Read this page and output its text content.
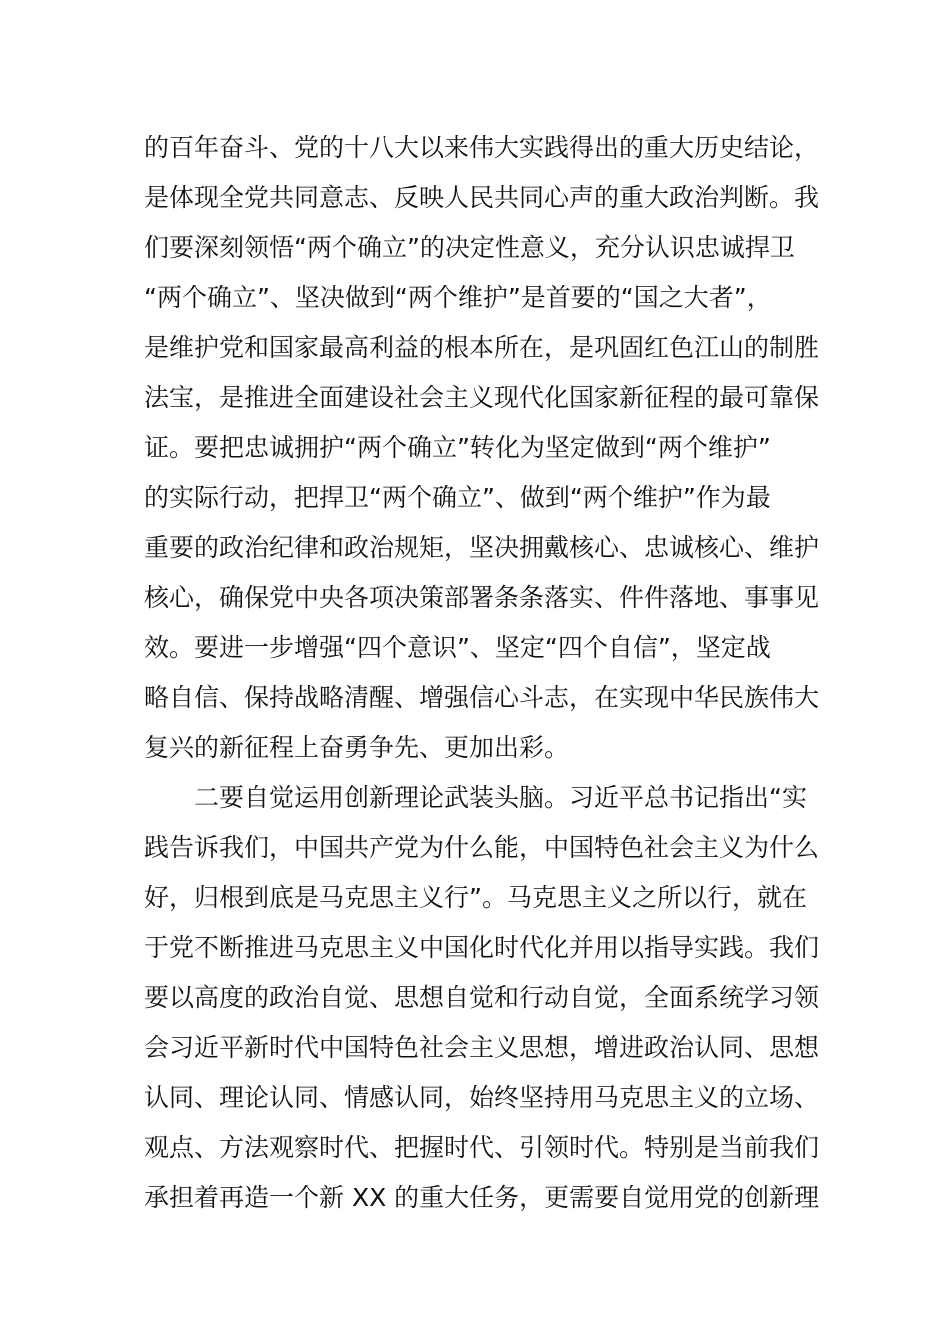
的百年奋斗、党的十八大以来伟大实践得出的重大历史结论，
是体现全党共同意志、反映人民共同心声的重大政治判断。我
们要深刻领悟“两个确立”的决定性意义，充分认识忠诚捍卫
“两个确立”、坚决做到“两个维护”是首要的“国之大者”，
是维护党和国家最高利益的根本所在，是巩固红色江山的制胜
法宝，是推进全面建设社会主义现代化国家新征程的最可靠保
证。要把忠诚拥护“两个确立”转化为坚定做到“两个维护”
的实际行动，把捍卫“两个确立”、做到“两个维护”作为最
重要的政治纪律和政治规矩，坚决拥戴核心、忠诚核心、维护
核心，确保党中央各项决策部署条条落实、件件落地、事事见
效。要进一步增强“四个意识”、坚定“四个自信”，坚定战
略自信、保持战略清醒、增强信心斗志，在实现中华民族伟大
复兴的新征程上奋勇争先、更加出彩。
二要自觉运用创新理论武装头脑。习近平总书记指出“实
践告诉我们，中国共产党为什么能，中国特色社会主义为什么
好，归根到底是马克思主义行”。马克思主义之所以行，就在
于党不断推进马克思主义中国化时代化并用以指导实践。我们
要以高度的政治自觉、思想自觉和行动自觉，全面系统学习领
会习近平新时代中国特色社会主义思想，增进政治认同、思想
认同、理论认同、情感认同，始终坚持用马克思主义的立场、
观点、方法观察时代、把握时代、引领时代。特别是当前我们
承担着再造一个新 XX 的重大任务，更需要自觉用党的创新理
